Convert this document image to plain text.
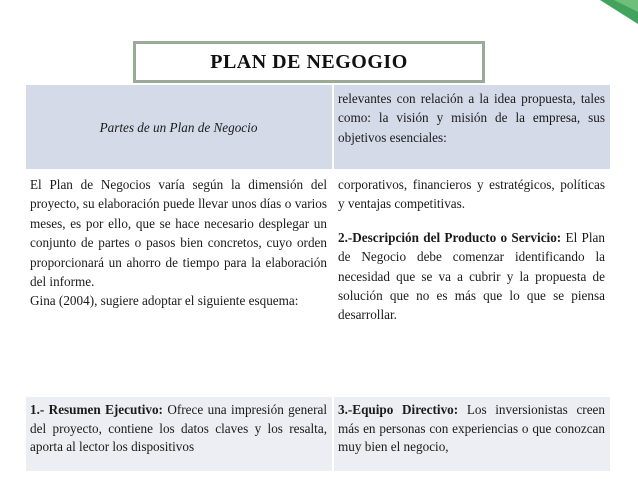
PLAN DE NEGOGIO
Partes de un Plan de Negocio

relevantes con relación a la idea propuesta, tales como: la visión y misión de la empresa, sus objetivos esenciales:

El Plan de Negocios varía según la dimensión del proyecto, su elaboración puede llevar unos días o varios meses, es por ello, que se hace necesario desplegar un conjunto de partes o pasos bien concretos, cuyo orden proporcionará un ahorro de tiempo para la elaboración del informe.

Gina (2004), sugiere adoptar el siguiente esquema:

corporativos, financieros y estratégicos, políticas y ventajas competitivas.

2.-Descripción del Producto o Servicio: El Plan de Negocio debe comenzar identificando la necesidad que se va a cubrir y la propuesta de solución que no es más que lo que se piensa desarrollar.

1.- Resumen Ejecutivo: Ofrece una impresión general del proyecto, contiene los datos claves y los resalta, aporta al lector los dispositivos

3.-Equipo Directivo: Los inversionistas creen más en personas con experiencias o que conozcan muy bien el negocio,
